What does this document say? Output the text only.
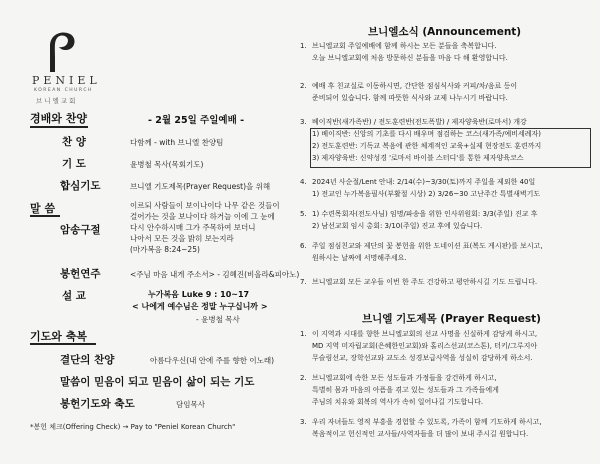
PENIEL
KOREAN CHURCH
브니엘교회
경배와 찬양	- 2월 25일 주일예배 -
찬 양	다함께 - with 브니엘 찬양팀
기 도	윤병철 목사(목회기도)
합심기도	브니엘 기도제목(Prayer Request)을 위해
말 씀
암송구절
이르되 사람들이 보이나이다 나무 같은 것들이
걸어가는 것을 보나이다 하거늘 이에 그 눈에
다시 안수하시매 그가 주목하여 보더니
나아서 모든 것을 밝히 보는지라
(마가복음 8:24~25)
봉헌연주	<주님 마음 내게 주소서> - 김혜진(비올라&피아노)
설 교	누가복음 Luke 9 : 10~17
< 나에게 예수님은 정말 누구십니까 >
- 윤병철 목사
기도와 축복
결단의 찬양	아름다우신(내 안에 주를 향한 이노래)
말씀이 믿음이 되고 믿음이 삶이 되는 기도
봉헌기도와 축도	담임목사
*봉헌 체크(Offering Check) → Pay to "Peniel Korean Church"
브니엘소식 (Announcement)
1. 브니엘교회 주일예배에 함께 하시는 모든 분들을 축복합니다.
오늘 브니엘교회에 처음 방문하신 분들을 마음 다 해 환영합니다.
2. 예배 후 친교실로 이동하시면, 간단한 점심식사와 커피/차/음료 등이
준비되어 있습니다. 함께 따뜻한 식사와 교제 나누시기 바랍니다.
3. 베이직반(새가족반) / 전도훈련반(전도폭발) / 제자양육반(로마서) 개강
1) 베이직반: 신앙의 기초를 다시 배우며 점검하는 코스(새가족/예비세례자)
2) 전도훈련반: 기독교 복음에 관한 체계적인 교육+실제 현장전도 훈련까지
3) 제자양육반: 신약성경 '로마서 바이블 스터디'를 통한 제자양육코스
4. 2024년 사순절/Lent 안내: 2/14(수)~3/30(토)까지 주일을 제외한 40일
1) 전교인 누가복음필사(부활절 시상) 2) 3/26~30 고난주간 특별새벽기도
5. 1) 수련목회자(전도사님) 임명/파송을 위한 인사위원회: 3/3(주일) 진교 후
2) 남선교회 임시 총회: 3/10(주일) 진교 후에 있습니다.
6. 주일 점심친교와 제단의 꽃 봉헌을 위한 도네이션 표(복도 게시판)를 보시고,
원하시는 날짜에 서명해주세요.
7. 브니엘교회 모든 교우들 이번 한 주도 건강하고 평안하시길 기도 드립니다.
브니엘 기도제목 (Prayer Request)
1. 이 지역과 시대를 향한 브니엘교회의 선교 사명을 신실하게 감당케 하시고,
MD 지역 미자립교회(은혜한인교회)와 홀리스선교(코스톤), 터키/그루지아
무슬림선교, 장학선교와 교도소 성경보급사역을 성실히 감당하게 하소서.
2. 브니엘교회에 속한 모든 성도들과 가정들을 강건하게 하시고,
특별히 몸과 마음의 아픔을 겪고 있는 성도들과 그 가족들에게
주님의 치유와 회복의 역사가 속히 일어나길 기도합니다.
3. 우리 자녀들도 영적 부흥을 경험할 수 있도록, 가족이 함께 기도하게 하시고,
복음적이고 헌신적인 교사들/사역자들을 더 많이 보내 주시길 원합니다.
